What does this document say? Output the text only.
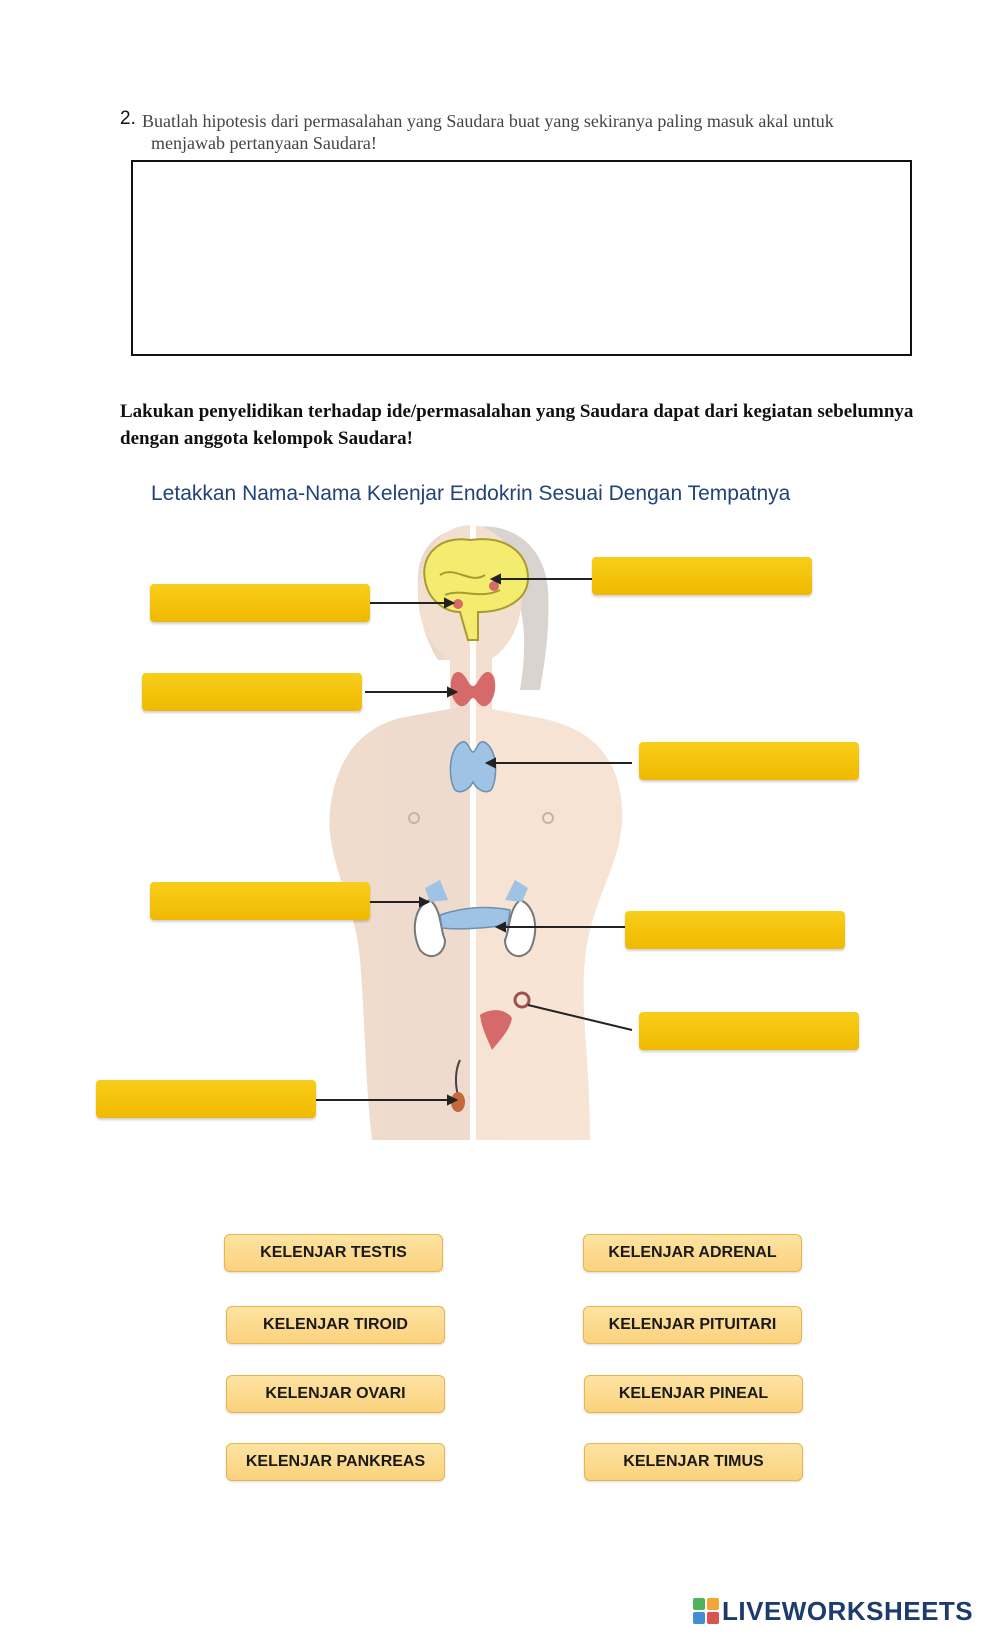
2. Buatlah hipotesis dari permasalahan yang Saudara buat yang sekiranya paling masuk akal untuk
menjawab pertanyaan Saudara!
Lakukan penyelidikan terhadap ide/permasalahan yang Saudara dapat dari kegiatan sebelumnya dengan anggota kelompok Saudara!
Letakkan Nama-Nama Kelenjar Endokrin Sesuai Dengan Tempatnya
KELENJAR TESTIS	KELENJAR ADRENAL
KELENJAR TIROID	KELENJAR PITUITARI
KELENJAR OVARI	KELENJAR PINEAL
KELENJAR PANKREAS	KELENJAR TIMUS
LIVEWORKSHEETS
